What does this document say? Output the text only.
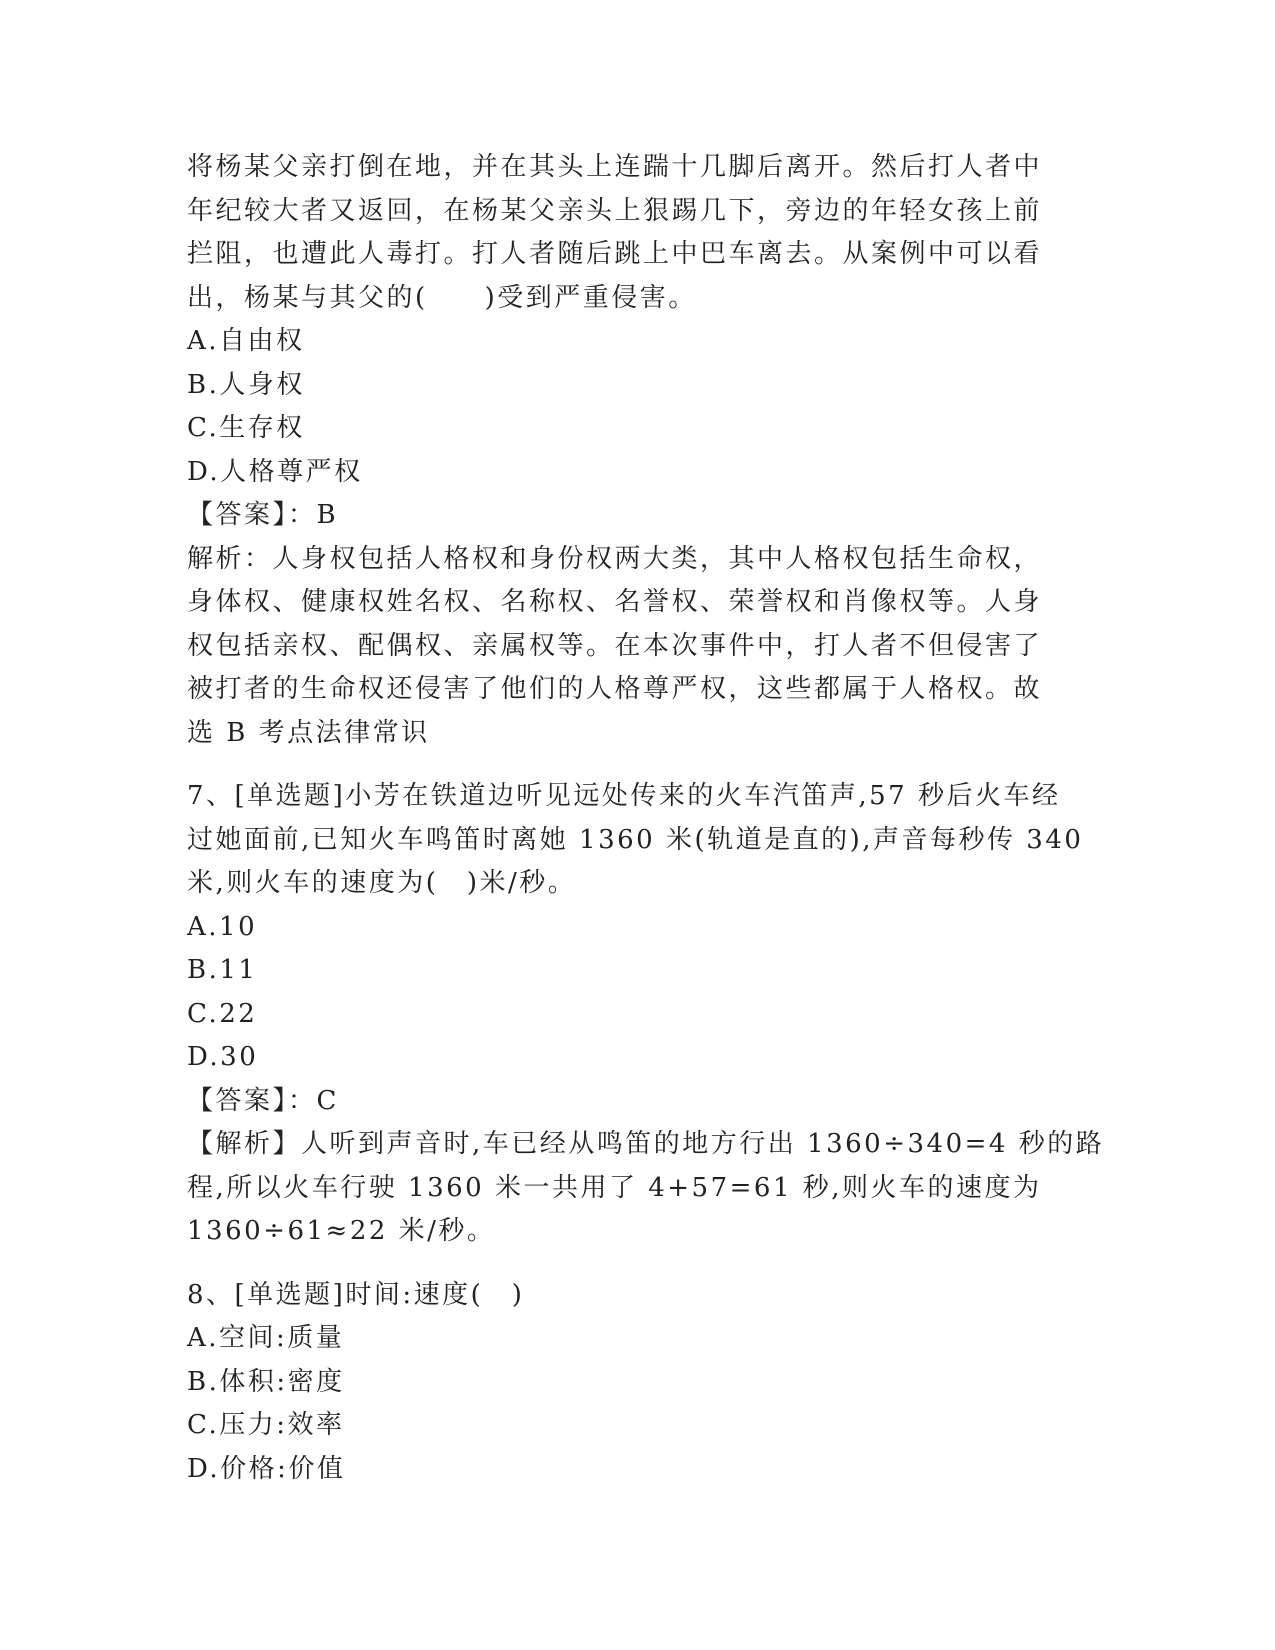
将杨某父亲打倒在地，并在其头上连踹十几脚后离开。然后打人者中
年纪较大者又返回，在杨某父亲头上狠踢几下，旁边的年轻女孩上前
拦阻，也遭此人毒打。打人者随后跳上中巴车离去。从案例中可以看
出，杨某与其父的(　　)受到严重侵害。
A.自由权
B.人身权
C.生存权
D.人格尊严权
【答案】：B
解析：人身权包括人格权和身份权两大类，其中人格权包括生命权，
身体权、健康权姓名权、名称权、名誉权、荣誉权和肖像权等。人身
权包括亲权、配偶权、亲属权等。在本次事件中，打人者不但侵害了
被打者的生命权还侵害了他们的人格尊严权，这些都属于人格权。故
选 B 考点法律常识
7、[单选题]小芳在铁道边听见远处传来的火车汽笛声,57 秒后火车经
过她面前,已知火车鸣笛时离她 1360 米(轨道是直的),声音每秒传 340
米,则火车的速度为(　)米/秒。
A.10
B.11
C.22
D.30
【答案】：C
【解析】人听到声音时,车已经从鸣笛的地方行出 1360÷340=4 秒的路
程,所以火车行驶 1360 米一共用了 4+57=61 秒,则火车的速度为
1360÷61≈22 米/秒。
8、[单选题]时间:速度(　)
A.空间:质量
B.体积:密度
C.压力:效率
D.价格:价值
